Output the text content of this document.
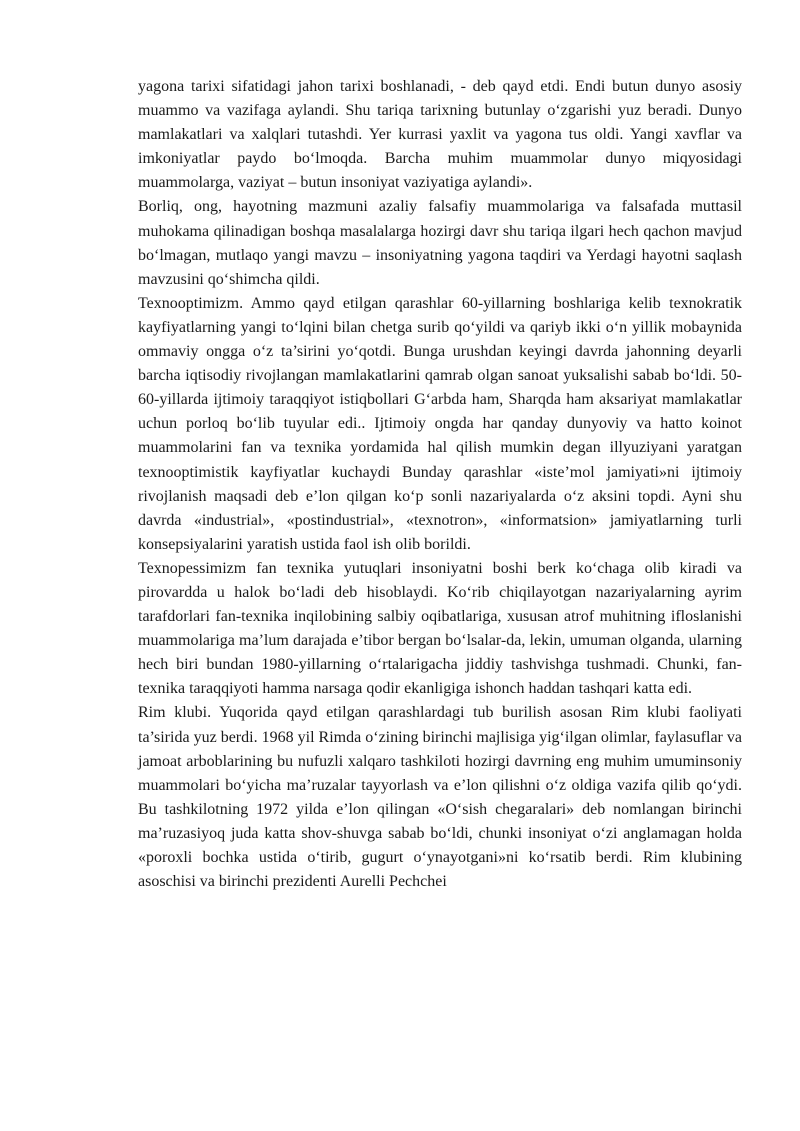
yagona tarixi sifatidagi jahon tarixi boshlanadi, - deb qayd etdi. Endi butun dunyo asosiy muammo va vazifaga aylandi. Shu tariqa tarixning butunlay o‘zgarishi yuz beradi. Dunyo mamlakatlari va xalqlari tutashdi. Yer kurrasi yaxlit va yagona tus oldi. Yangi xavflar va imkoniyatlar paydo bo‘lmoqda. Barcha muhim muammolar dunyo miqyosidagi muammolarga, vaziyat – butun insoniyat vaziyatiga aylandi».

Borliq, ong, hayotning mazmuni azaliy falsafiy muammolariga va falsafada muttasil muhokama qilinadigan boshqa masalalarga hozirgi davr shu tariqa ilgari hech qachon mavjud bo‘lmagan, mutlaqo yangi mavzu – insoniyatning yagona taqdiri va Yerdagi hayotni saqlash mavzusini qo‘shimcha qildi.

Texnooptimizm. Ammo qayd etilgan qarashlar 60-yillarning boshlariga kelib texnokratik kayfiyatlarning yangi to‘lqini bilan chetga surib qo‘yildi va qariyb ikki o‘n yillik mobaynida ommaviy ongga o‘z ta’sirini yo‘qotdi. Bunga urushdan keyingi davrda jahonning deyarli barcha iqtisodiy rivojlangan mamlakatlarini qamrab olgan sanoat yuksalishi sabab bo‘ldi. 50-60-yillarda ijtimoiy taraqqiyot istiqbollari G‘arbda ham, Sharqda ham aksariyat mamlakatlar uchun porloq bo‘lib tuyular edi.. Ijtimoiy ongda har qanday dunyoviy va hatto koinot muammolarini fan va texnika yordamida hal qilish mumkin degan illyuziyani yaratgan texnooptimistik kayfiyatlar kuchaydi Bunday qarashlar «iste’mol jamiyati»ni ijtimoiy rivojlanish maqsadi deb e’lon qilgan ko‘p sonli nazariyalarda o‘z aksini topdi. Ayni shu davrda «industrial», «postindustrial», «texnotron», «informatsion» jamiyatlarning turli konsepsiyalarini yaratish ustida faol ish olib borildi.

Texnopessimizm fan texnika yutuqlari insoniyatni boshi berk ko‘chaga olib kiradi va pirovardda u halok bo‘ladi deb hisoblaydi. Ko‘rib chiqilayotgan nazariyalarning ayrim tarafdorlari fan-texnika inqilobining salbiy oqibatlariga, xususan atrof muhitning ifloslanishi muammolariga ma’lum darajada e’tibor bergan bo‘lsalar-da, lekin, umuman olganda, ularning hech biri bundan 1980-yillarning o‘rtalarigacha jiddiy tashvishga tushmadi. Chunki, fan-texnika taraqqiyoti hamma narsaga qodir ekanligiga ishonch haddan tashqari katta edi.

Rim klubi. Yuqorida qayd etilgan qarashlardagi tub burilish asosan Rim klubi faoliyati ta’sirida yuz berdi. 1968 yil Rimda o‘zining birinchi majlisiga yig‘ilgan olimlar, faylasuflar va jamoat arboblarining bu nufuzli xalqaro tashkiloti hozirgi davrning eng muhim umuminsoniy muammolari bo‘yicha ma’ruzalar tayyorlash va e’lon qilishni o‘z oldiga vazifa qilib qo‘ydi. Bu tashkilotning 1972 yilda e’lon qilingan «O‘sish chegaralari» deb nomlangan birinchi ma’ruzasiyoq juda katta shov-shuvga sabab bo‘ldi, chunki insoniyat o‘zi anglamagan holda «poroxli bochka ustida o‘tirib, gugurt o‘ynayotgani»ni ko‘rsatib berdi. Rim klubining asoschisi va birinchi prezidenti Aurelli Pechchei
